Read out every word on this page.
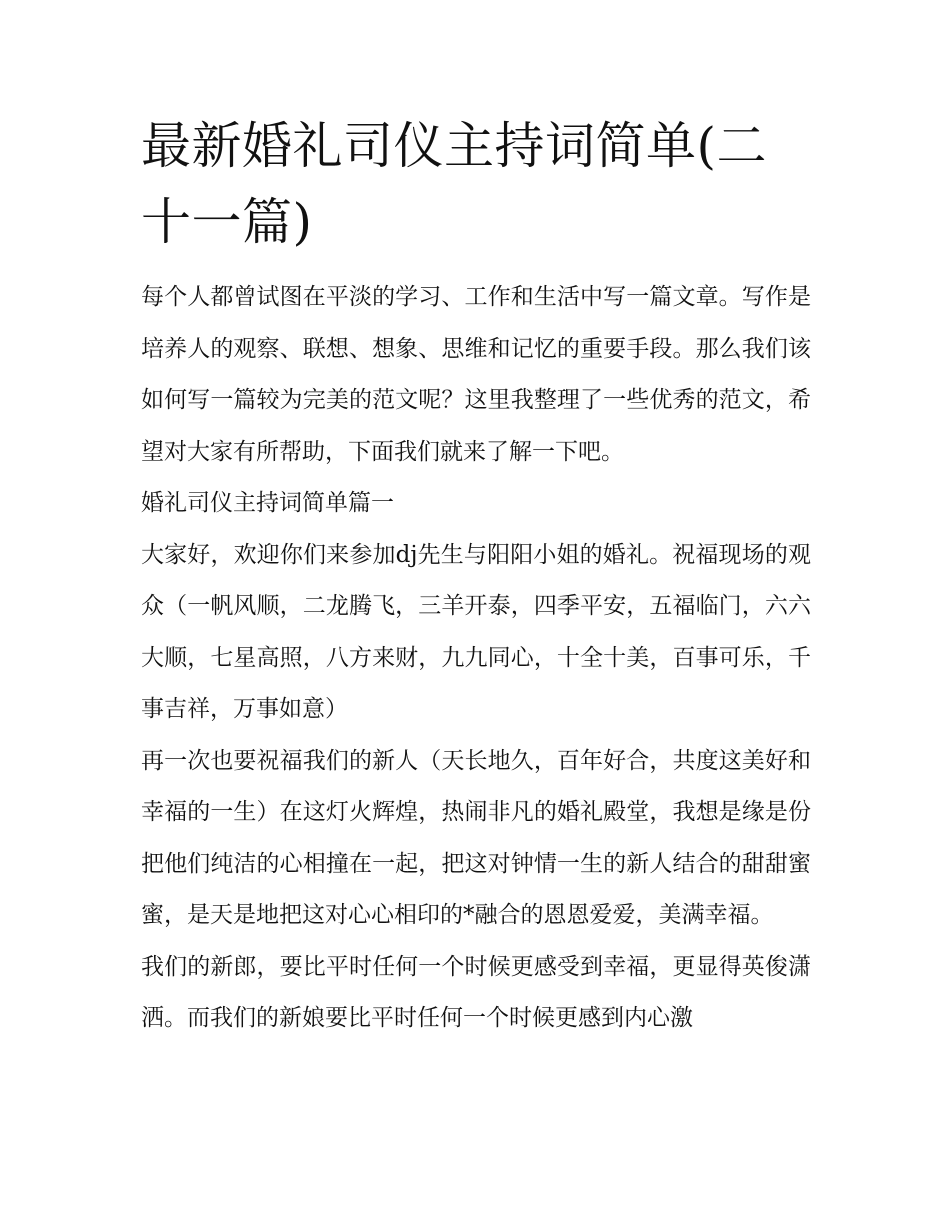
最新婚礼司仪主持词简单(二十一篇)

每个人都曾试图在平淡的学习、工作和生活中写一篇文章。写作是培养人的观察、联想、想象、思维和记忆的重要手段。那么我们该如何写一篇较为完美的范文呢？这里我整理了一些优秀的范文，希望对大家有所帮助，下面我们就来了解一下吧。

婚礼司仪主持词简单篇一

大家好，欢迎你们来参加dj先生与阳阳小姐的婚礼。祝福现场的观众（一帆风顺，二龙腾飞，三羊开泰，四季平安，五福临门，六六大顺，七星高照，八方来财，九九同心，十全十美，百事可乐，千事吉祥，万事如意）

再一次也要祝福我们的新人（天长地久，百年好合，共度这美好和幸福的一生）在这灯火辉煌，热闹非凡的婚礼殿堂，我想是缘是份把他们纯洁的心相撞在一起，把这对钟情一生的新人结合的甜甜蜜蜜，是天是地把这对心心相印的*融合的恩恩爱爱，美满幸福。

我们的新郎，要比平时任何一个时候更感受到幸福，更显得英俊潇洒。而我们的新娘要比平时任何一个时候更感到内心激
